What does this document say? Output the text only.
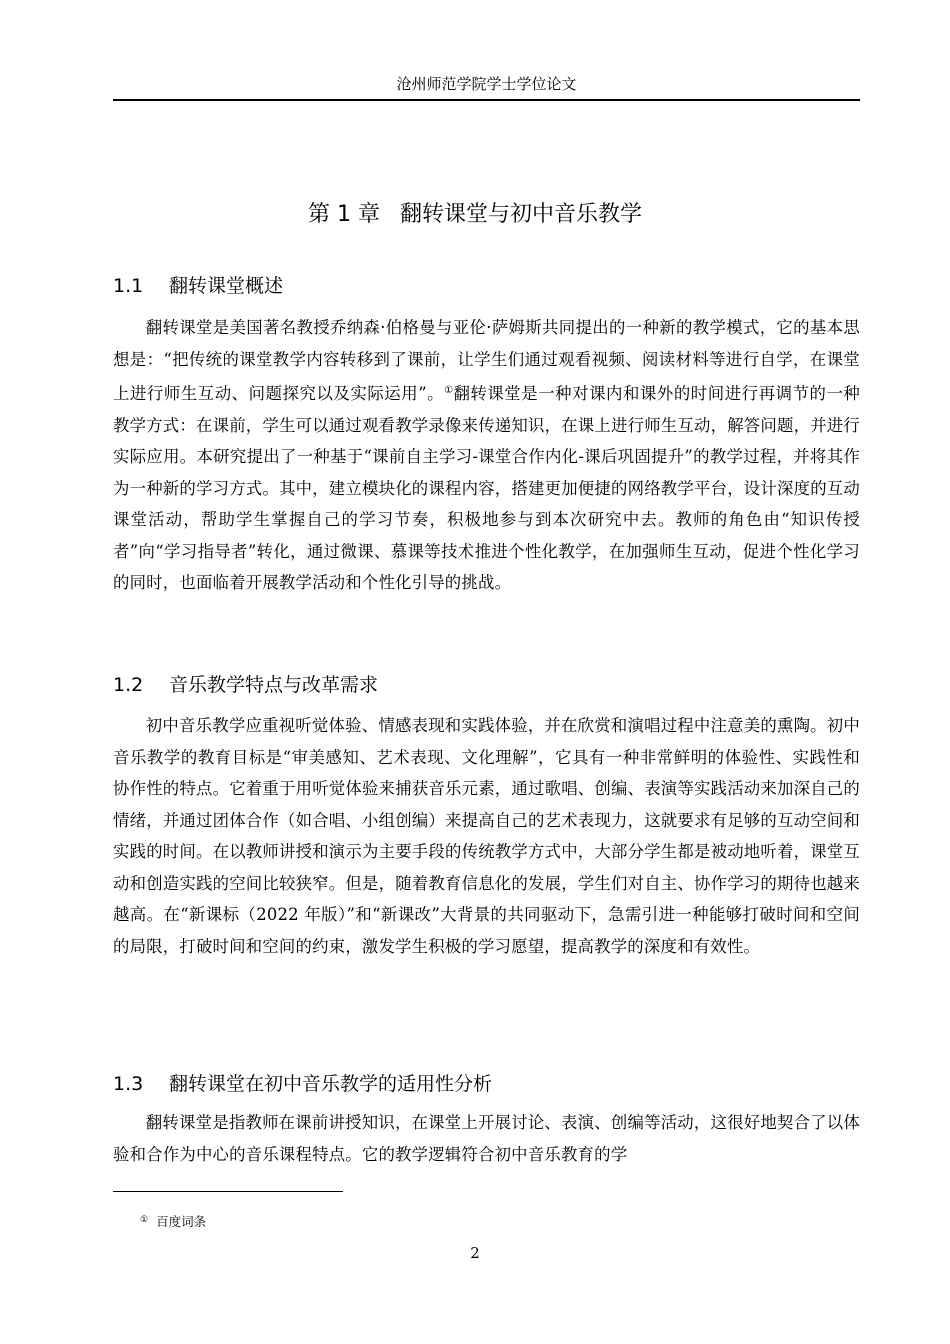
沧州师范学院学士学位论文
第 1 章 翻转课堂与初中音乐教学
1.1 翻转课堂概述

翻转课堂是美国著名教授乔纳森·伯格曼与亚伦·萨姆斯共同提出的一种新的教学模式，它的基本思想是：“把传统的课堂教学内容转移到了课前，让学生们通过观看视频、阅读材料等进行自学，在课堂上进行师生互动、问题探究以及实际运用”。①翻转课堂是一种对课内和课外的时间进行再调节的一种教学方式：在课前，学生可以通过观看教学录像来传递知识，在课上进行师生互动，解答问题，并进行实际应用。本研究提出了一种基于“课前自主学习-课堂合作内化-课后巩固提升”的教学过程，并将其作为一种新的学习方式。其中，建立模块化的课程内容，搭建更加便捷的网络教学平台，设计深度的互动课堂活动，帮助学生掌握自己的学习节奏，积极地参与到本次研究中去。教师的角色由“知识传授者”向“学习指导者”转化，通过微课、慕课等技术推进个性化教学，在加强师生互动，促进个性化学习的同时，也面临着开展教学活动和个性化引导的挑战。

1.2 音乐教学特点与改革需求

初中音乐教学应重视听觉体验、情感表现和实践体验，并在欣赏和演唱过程中注意美的熏陶。初中音乐教学的教育目标是“审美感知、艺术表现、文化理解”，它具有一种非常鲜明的体验性、实践性和协作性的特点。它着重于用听觉体验来捕获音乐元素，通过歌唱、创编、表演等实践活动来加深自己的情绪，并通过团体合作（如合唱、小组创编）来提高自己的艺术表现力，这就要求有足够的互动空间和实践的时间。在以教师讲授和演示为主要手段的传统教学方式中，大部分学生都是被动地听着，课堂互动和创造实践的空间比较狭窄。但是，随着教育信息化的发展，学生们对自主、协作学习的期待也越来越高。在“新课标（2022 年版）”和“新课改”大背景的共同驱动下，急需引进一种能够打破时间和空间的局限，打破时间和空间的约束，激发学生积极的学习愿望，提高教学的深度和有效性。

1.3 翻转课堂在初中音乐教学的适用性分析

翻转课堂是指教师在课前讲授知识，在课堂上开展讨论、表演、创编等活动，这很好地契合了以体验和合作为中心的音乐课程特点。它的教学逻辑符合初中音乐教育的学

① 百度词条
2
